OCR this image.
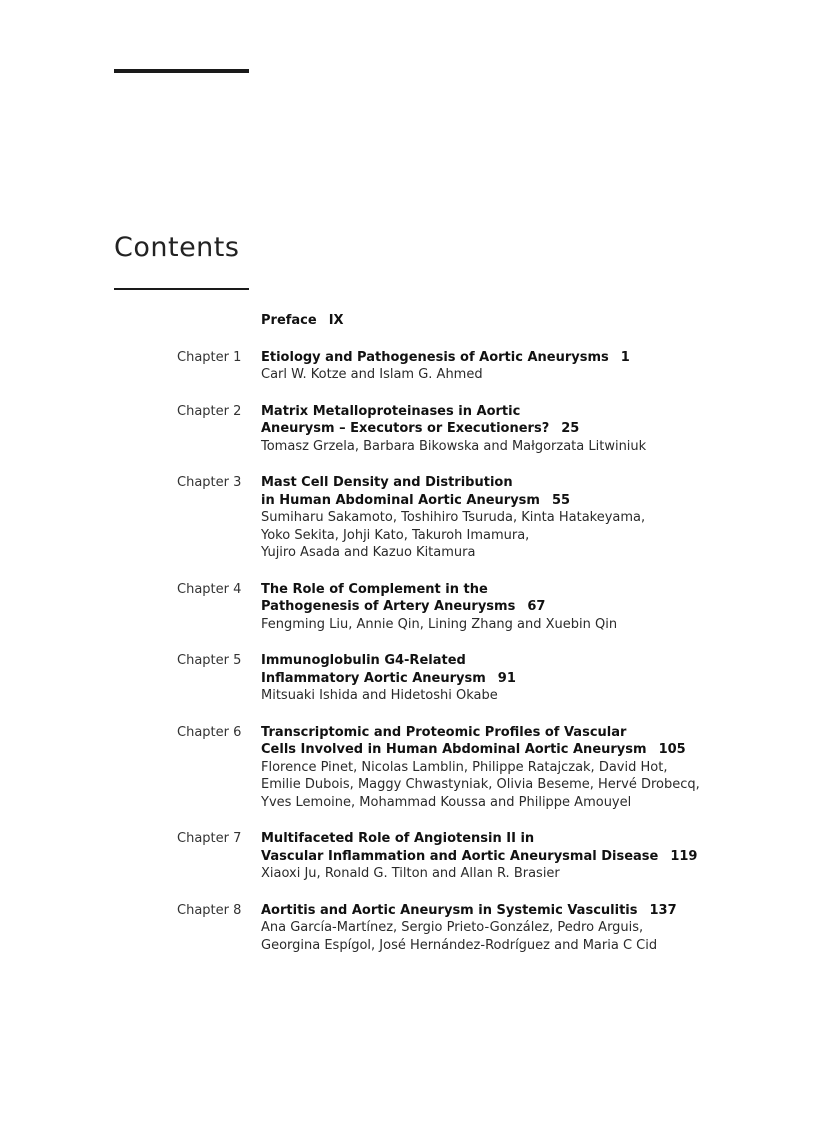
Contents
Preface IX
Chapter 1 Etiology and Pathogenesis of Aortic Aneurysms 1
Carl W. Kotze and Islam G. Ahmed
Chapter 2 Matrix Metalloproteinases in Aortic
Aneurysm – Executors or Executioners? 25
Tomasz Grzela, Barbara Bikowska and Małgorzata Litwiniuk
Chapter 3 Mast Cell Density and Distribution
in Human Abdominal Aortic Aneurysm 55
Sumiharu Sakamoto, Toshihiro Tsuruda, Kinta Hatakeyama,
Yoko Sekita, Johji Kato, Takuroh Imamura,
Yujiro Asada and Kazuo Kitamura
Chapter 4 The Role of Complement in the
Pathogenesis of Artery Aneurysms 67
Fengming Liu, Annie Qin, Lining Zhang and Xuebin Qin
Chapter 5 Immunoglobulin G4-Related
Inflammatory Aortic Aneurysm 91
Mitsuaki Ishida and Hidetoshi Okabe
Chapter 6 Transcriptomic and Proteomic Profiles of Vascular
Cells Involved in Human Abdominal Aortic Aneurysm 105
Florence Pinet, Nicolas Lamblin, Philippe Ratajczak, David Hot,
Emilie Dubois, Maggy Chwastyniak, Olivia Beseme, Hervé Drobecq,
Yves Lemoine, Mohammad Koussa and Philippe Amouyel
Chapter 7 Multifaceted Role of Angiotensin II in
Vascular Inflammation and Aortic Aneurysmal Disease 119
Xiaoxi Ju, Ronald G. Tilton and Allan R. Brasier
Chapter 8 Aortitis and Aortic Aneurysm in Systemic Vasculitis 137
Ana García-Martínez, Sergio Prieto-González, Pedro Arguis,
Georgina Espígol, José Hernández-Rodríguez and Maria C Cid
